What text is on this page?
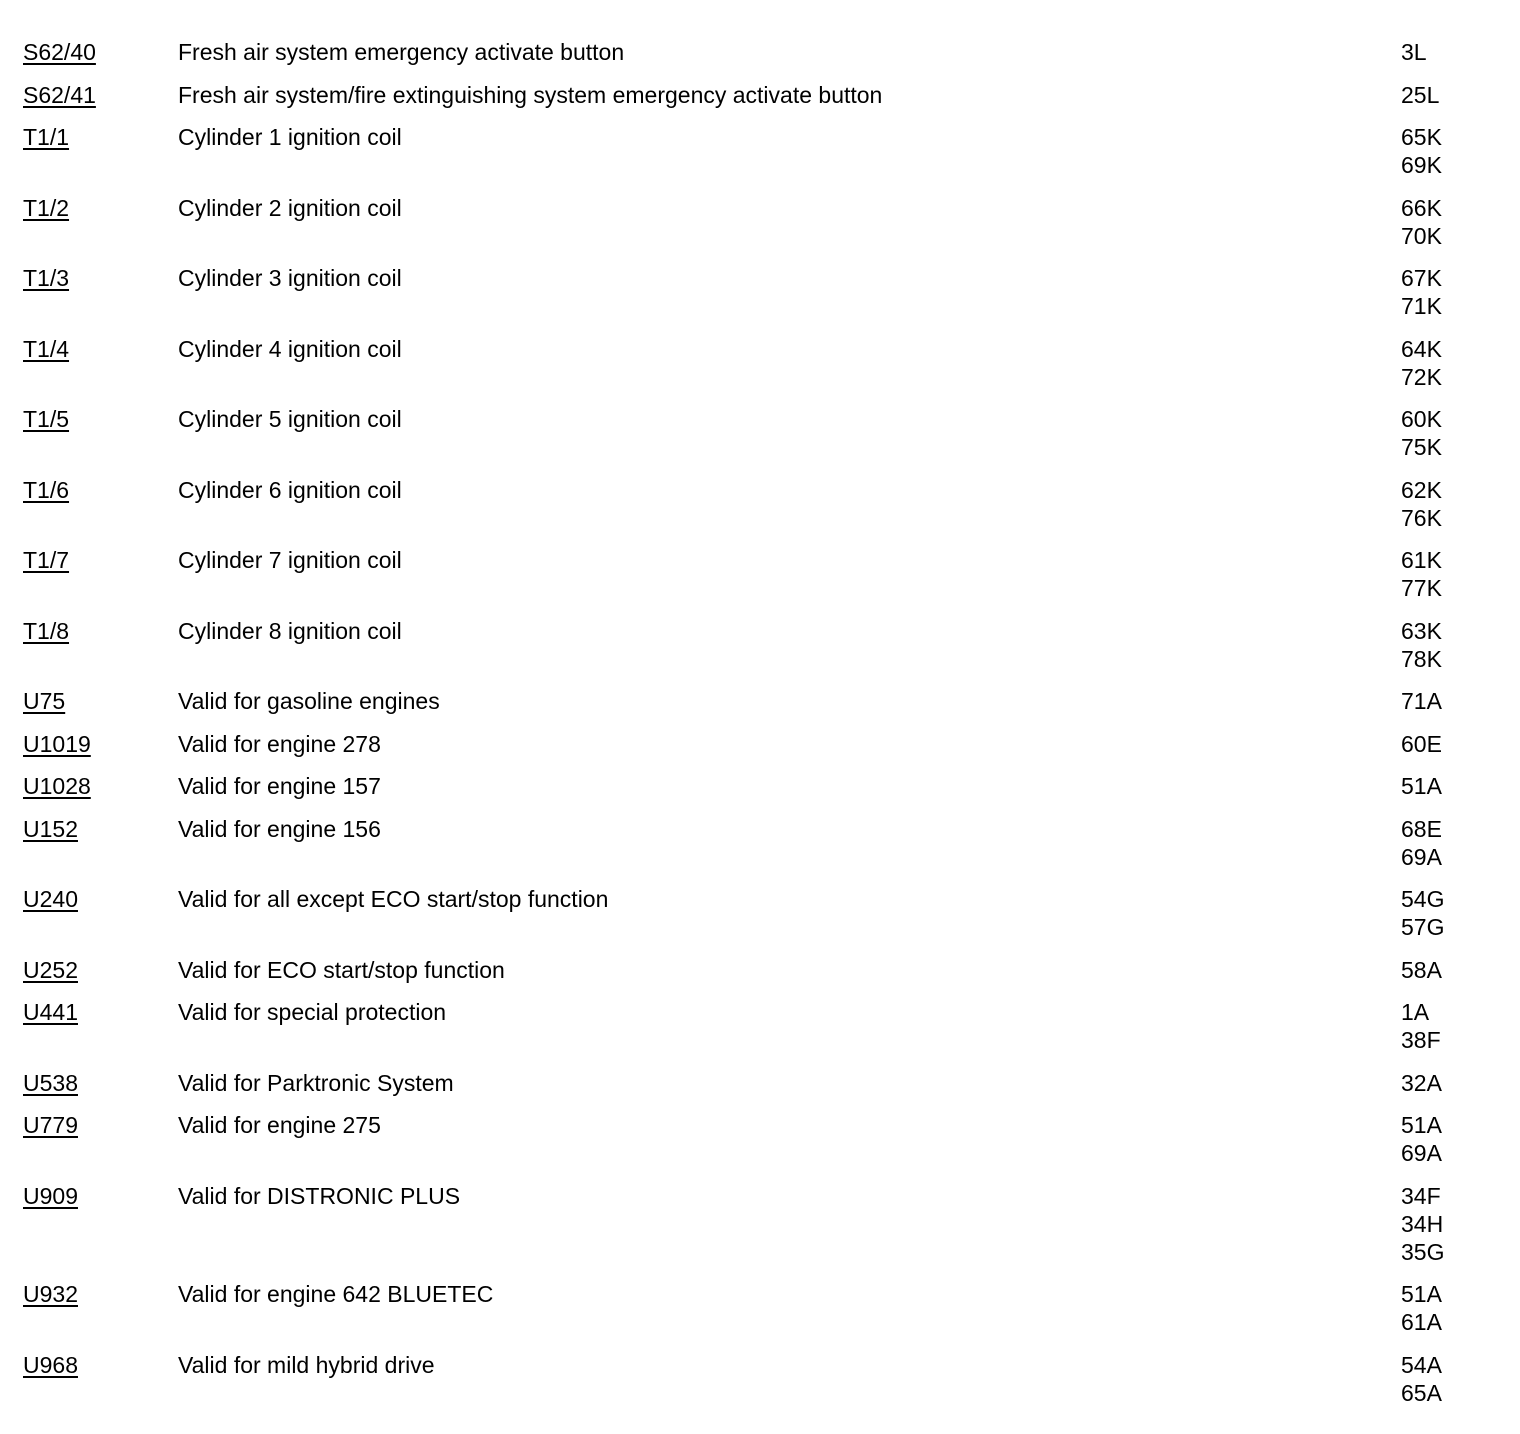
S62/40	Fresh air system emergency activate button	3L
S62/41	Fresh air system/fire extinguishing system emergency activate button	25L
T1/1	Cylinder 1 ignition coil	65K
69K
T1/2	Cylinder 2 ignition coil	66K
70K
T1/3	Cylinder 3 ignition coil	67K
71K
T1/4	Cylinder 4 ignition coil	64K
72K
T1/5	Cylinder 5 ignition coil	60K
75K
T1/6	Cylinder 6 ignition coil	62K
76K
T1/7	Cylinder 7 ignition coil	61K
77K
T1/8	Cylinder 8 ignition coil	63K
78K
U75	Valid for gasoline engines	71A
U1019	Valid for engine 278	60E
U1028	Valid for engine 157	51A
U152	Valid for engine 156	68E
69A
U240	Valid for all except ECO start/stop function	54G
57G
U252	Valid for ECO start/stop function	58A
U441	Valid for special protection	1A
38F
U538	Valid for Parktronic System	32A
U779	Valid for engine 275	51A
69A
U909	Valid for DISTRONIC PLUS	34F
34H
35G
U932	Valid for engine 642 BLUETEC	51A
61A
U968	Valid for mild hybrid drive	54A
65A
